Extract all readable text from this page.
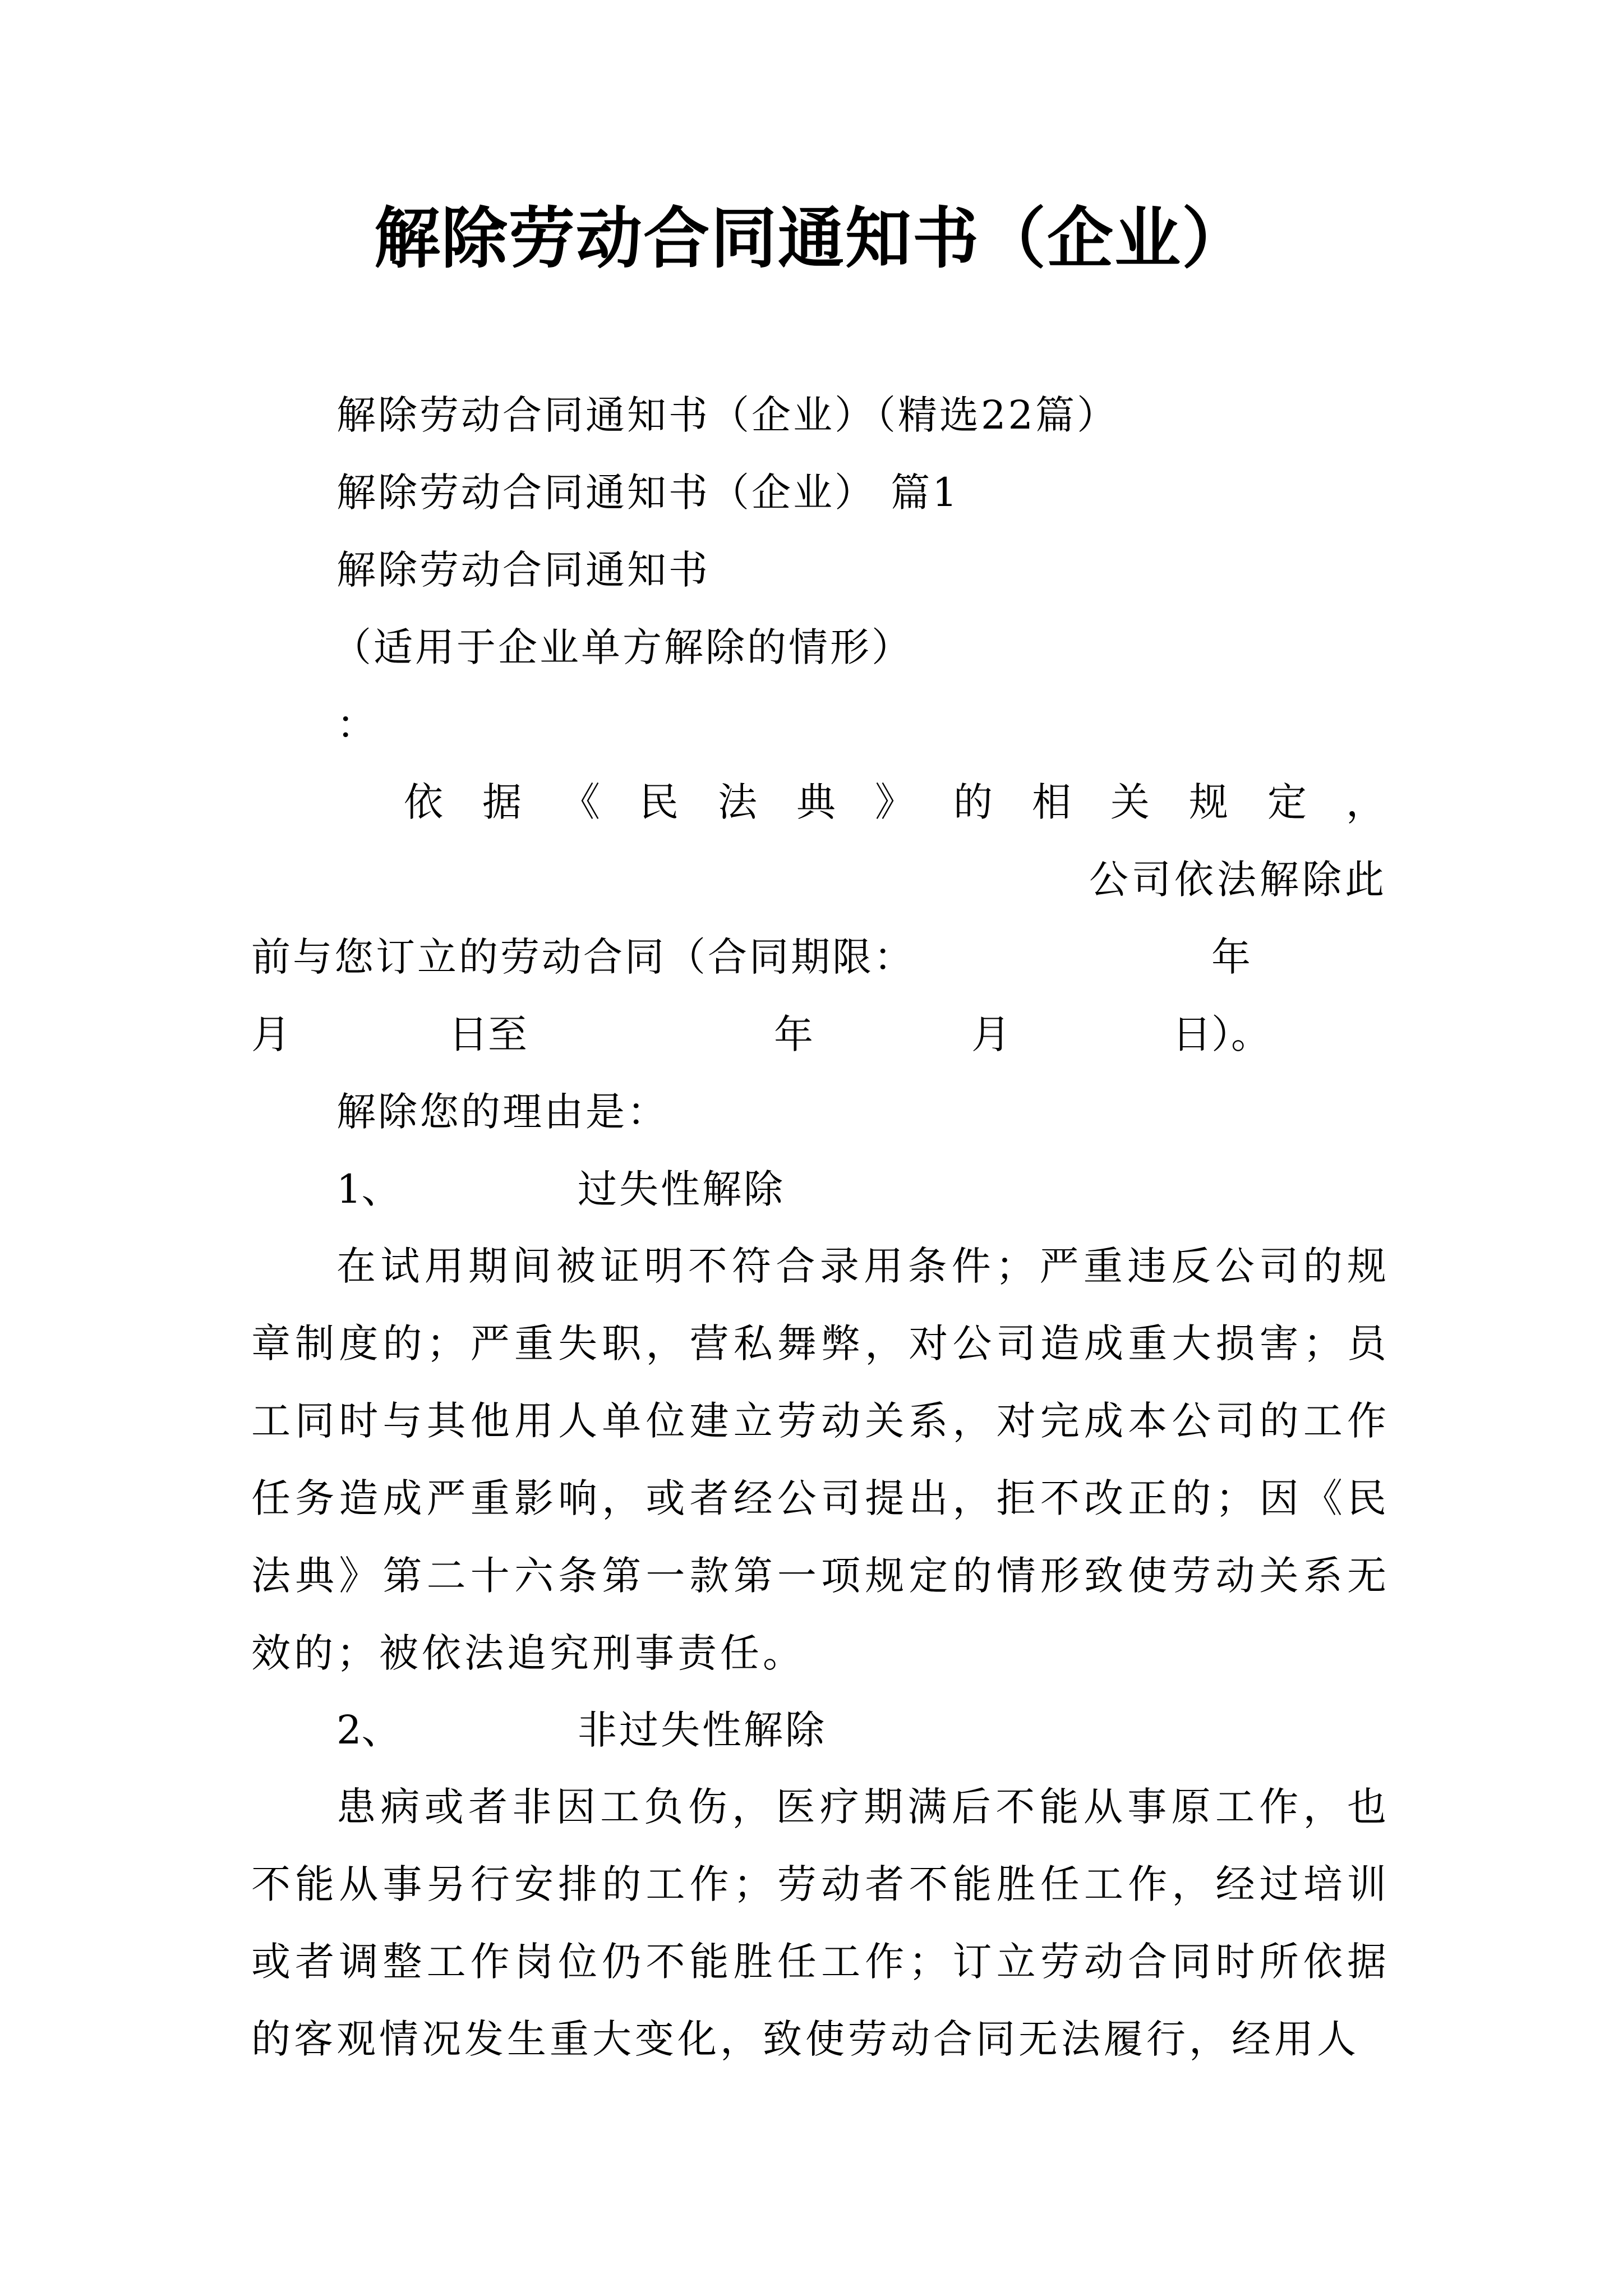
解除劳动合同通知书（企业）
解除劳动合同通知书（企业）（精选22篇）
解除劳动合同通知书（企业） 篇1
解除劳动合同通知书
（适用于企业单方解除的情形）
：
依 据 《 民 法 典 》 的 相 关 规 定 ，
公司依法解除此
前与您订立的劳动合同（合同期限：	年
月	日至	年	月	日）。
解除您的理由是：
1、	过失性解除

在试用期间被证明不符合录用条件；严重违反公司的规章制度的；严重失职，营私舞弊，对公司造成重大损害；员工同时与其他用人单位建立劳动关系，对完成本公司的工作任务造成严重影响，或者经公司提出，拒不改正的；因《民法典》第二十六条第一款第一项规定的情形致使劳动关系无效的；被依法追究刑事责任。

2、	非过失性解除

患病或者非因工负伤，医疗期满后不能从事原工作，也不能从事另行安排的工作；劳动者不能胜任工作，经过培训或者调整工作岗位仍不能胜任工作；订立劳动合同时所依据的客观情况发生重大变化，致使劳动合同无法履行，经用人
